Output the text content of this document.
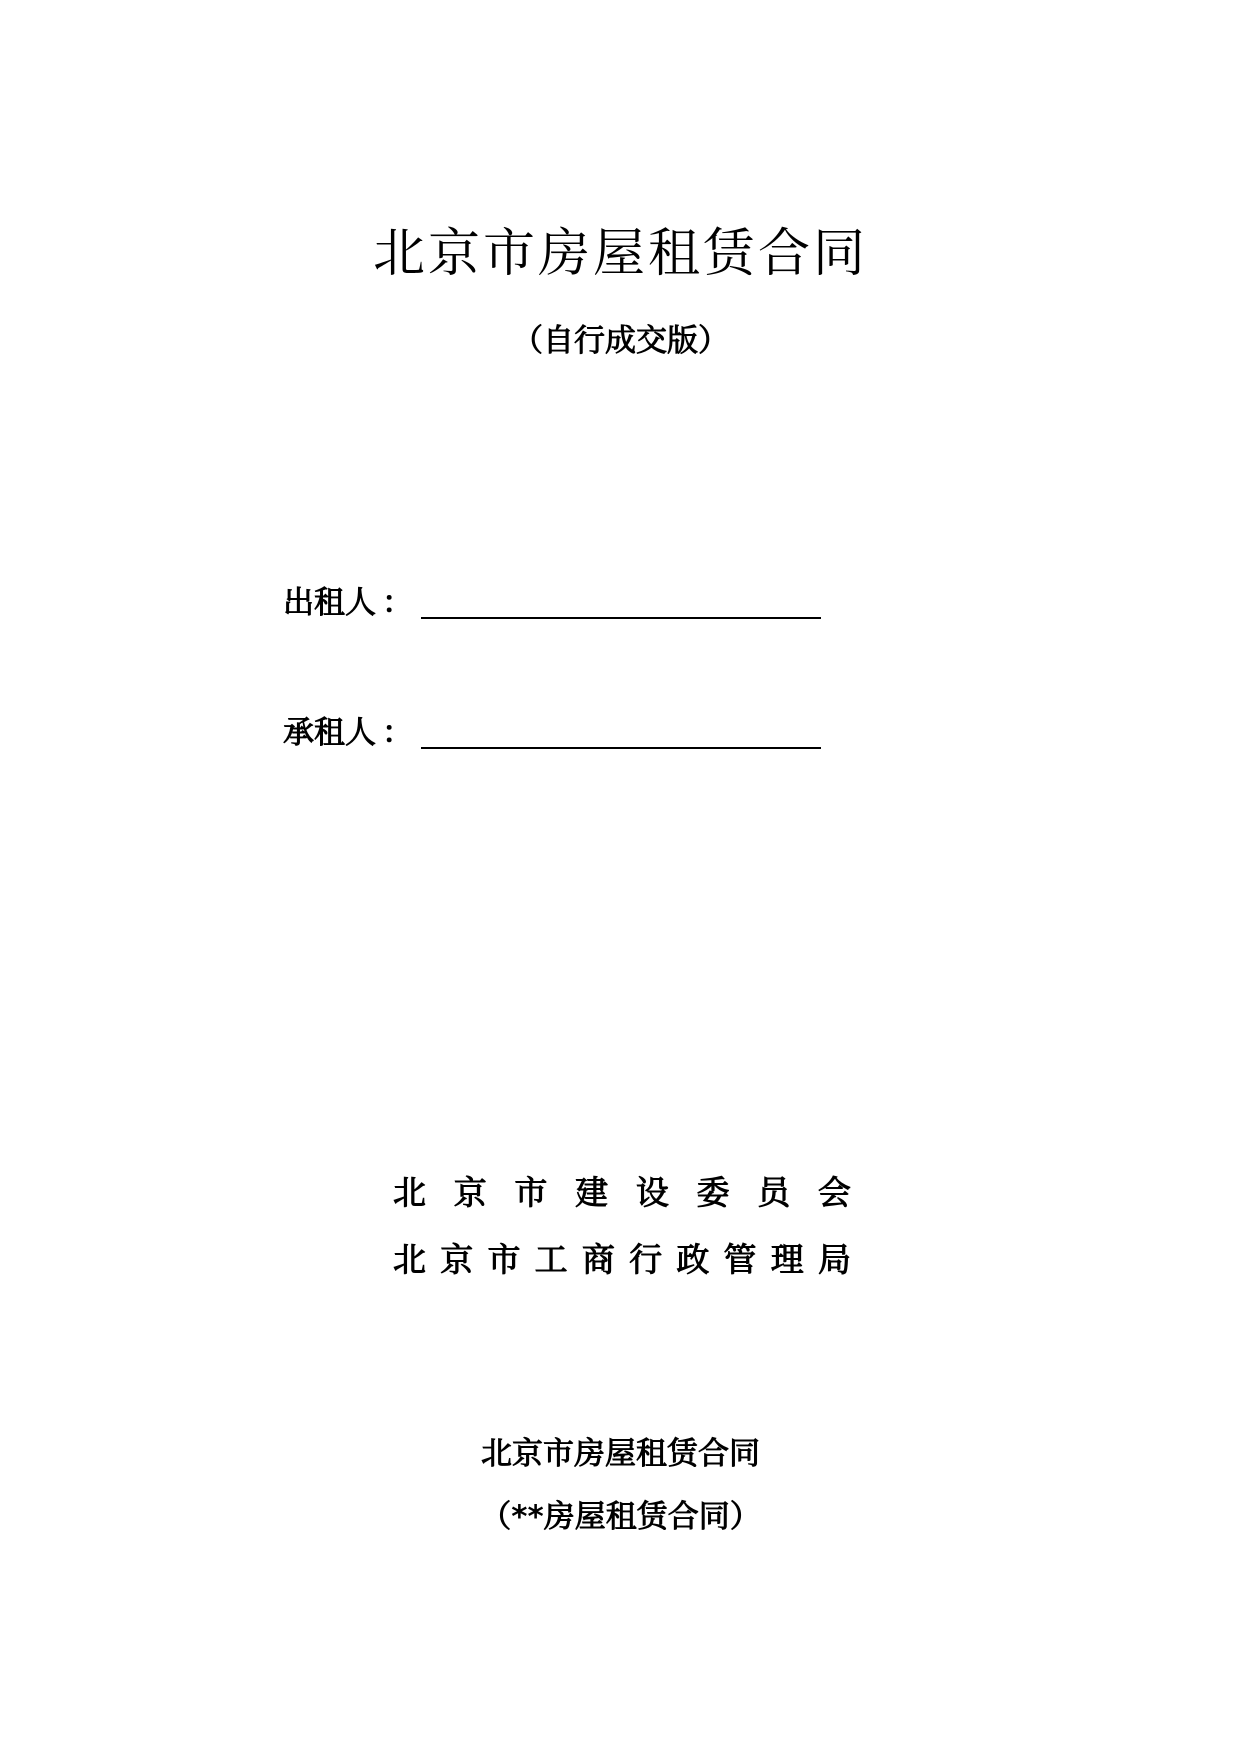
北京市房屋租赁合同
（自行成交版）
出租人 ：
承租人 ：
北 京 市 建 设 委 员 会
北 京 市 工 商 行 政 管 理 局
北京市房屋租赁合同
（**房屋租赁合同）
